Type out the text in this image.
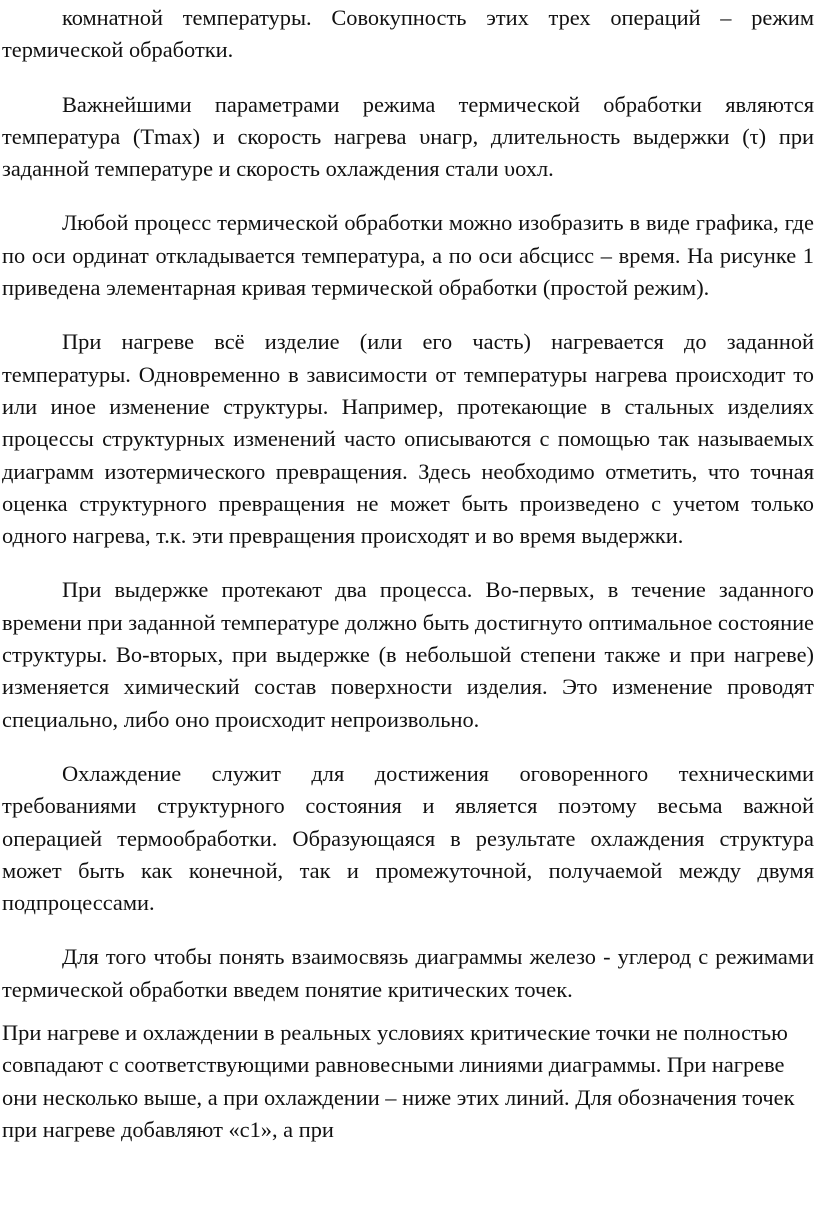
комнатной температуры. Совокупность этих трех операций – режим термической обработки.

Важнейшими параметрами режима термической обработки являются температура (Tmax) и скорость нагрева υнагр, длительность выдержки (τ) при заданной температуре и скорость охлаждения стали υохл.

Любой процесс термической обработки можно изобразить в виде графика, где по оси ординат откладывается температура, а по оси абсцисс – время. На рисунке 1 приведена элементарная кривая термической обработки (простой режим).

При нагреве всё изделие (или его часть) нагревается до заданной температуры. Одновременно в зависимости от температуры нагрева происходит то или иное изменение структуры. Например, протекающие в стальных изделиях процессы структурных изменений часто описываются с помощью так называемых диаграмм изотермического превращения. Здесь необходимо отметить, что точная оценка структурного превращения не может быть произведено с учетом только одного нагрева, т.к. эти превращения происходят и во время выдержки.

При выдержке протекают два процесса. Во-первых, в течение заданного времени при заданной температуре должно быть достигнуто оптимальное состояние структуры. Во-вторых, при выдержке (в небольшой степени также и при нагреве) изменяется химический состав поверхности изделия. Это изменение проводят специально, либо оно происходит непроизвольно.

Охлаждение служит для достижения оговоренного техническими требованиями структурного состояния и является поэтому весьма важной операцией термообработки. Образующаяся в результате охлаждения структура может быть как конечной, так и промежуточной, получаемой между двумя подпроцессами.

Для того чтобы понять взаимосвязь диаграммы железо - углерод с режимами термической обработки введем понятие критических точек.

При нагреве и охлаждении в реальных условиях критические точки не полностью совпадают с соответствующими равновесными линиями диаграммы. При нагреве они несколько выше, а при охлаждении – ниже этих линий. Для обозначения точек при нагреве добавляют «c1», а при
